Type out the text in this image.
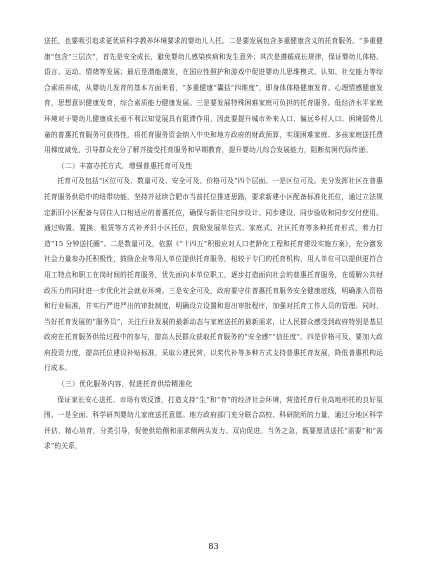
送托，也要吸引追求更优质科学教养环境要求的婴幼儿入托。二是要发展包含多重健康含义的托育服务。“多重健康”包含“三层次”，首先是安全成长，避免婴幼儿感染疾病和发生意外；其次是遵循成长规律，保证婴幼儿体格、语言、运动、情绪等发展；最后是潜能激发，在国应性照护和游戏中促进婴幼儿思维模式、认知、社交能力等综合素质养成，从婴幼儿发育的基本方面来看，“多重健康”囊括“四维度”，即身体体格健康发育、心理情感健康发育，思想意识健康发育，综合素质能力健康发展。三是要发展特殊困难家庭可负担的托育服务。低经济水平家庭环境对于婴幼儿健康成长亟不利以知觉展具有阻滞作用，因此要提升城市外来人口、偏远乡村人口、困境弱势儿童的普惠托育服务可获得性，将托育服务资金纳入中央和地方政府的财政预算，实现困难家庭、多孩家庭送托费用梯度减免，引导群众充分了解并接受托育服务和早期教育，提升婴幼儿综合发展能力，阻断贫困代际传递。

（二）丰富办托方式，增强普惠托育可及性

托育可及包括“区位可及、数量可及、安全可及、价格可及”四个层面。一是区位可及。充分发挥社区在普惠托育服务供给中的纽带功能，坚持并延续合肥市当前托位推进思路，要求新建小区配备标准化托位，通过立法规定新旧小区配备与居住人口相适应的普惠托位，确保与新住宅同步设计、同步建设、同步验收和同步交付使用。通过购置、置换、租赁等方式补齐旧小区托位，鼓励发展单位式、家庭式、社区托育等多种托育形式，着力打造“15 分钟送托圈”。二是数量可及，依据《“十四五”积极应对人口老龄化工程和托育建设实施方案》，充分激发社会力量参办托积极性，鼓励企业等用人单位提供托育服务，相较于专门的托育机构，用人单位可以提供更符合用工特点和职工在岗时间的托育服务，优先面向本单位职工，逐步打造面向社会的普惠托育服务，在缓解公共财政压力的同时进一步优化社会就业环境。三是安全可及，政府要守住普惠托育服务安全健康底线，明确准入资格和行业标准，并实行严进严出的审批制度，明确设立设置和退出审批程序，加强对托育工作人员的管理。同时，当好托育发展的“服务员”，关注行业发展的最新动态与家庭送托的最新需求，让人民群众感受到政府特别是基层政府在托育服务供给过程中的参与，提高人民群众获取托育服务的“安全感”“信任度”。四是价格可及，要加大政府投资力度，提高托位建设补贴标准，采取公建民营，以奖代补等多种方式支持普惠托育发展，降低普惠机构运行成本。

（三）优化服务内容，促进托育供给精准化

保证家长安心送托、市场有效反馈，打造支持“生”和“育”的经济社会环境，营造托育行业高地形托的良好氛围。一是全面、科学研判婴幼儿家庭送托意愿。地方政府部门充分联合高校、科研院所的力量，通过分地区科学评估，精心培育，分类引导，促使供给侧和需求侧两头发力、双向促进。当务之急，既要厘清送托“需要”和“需求”的关系，

83
